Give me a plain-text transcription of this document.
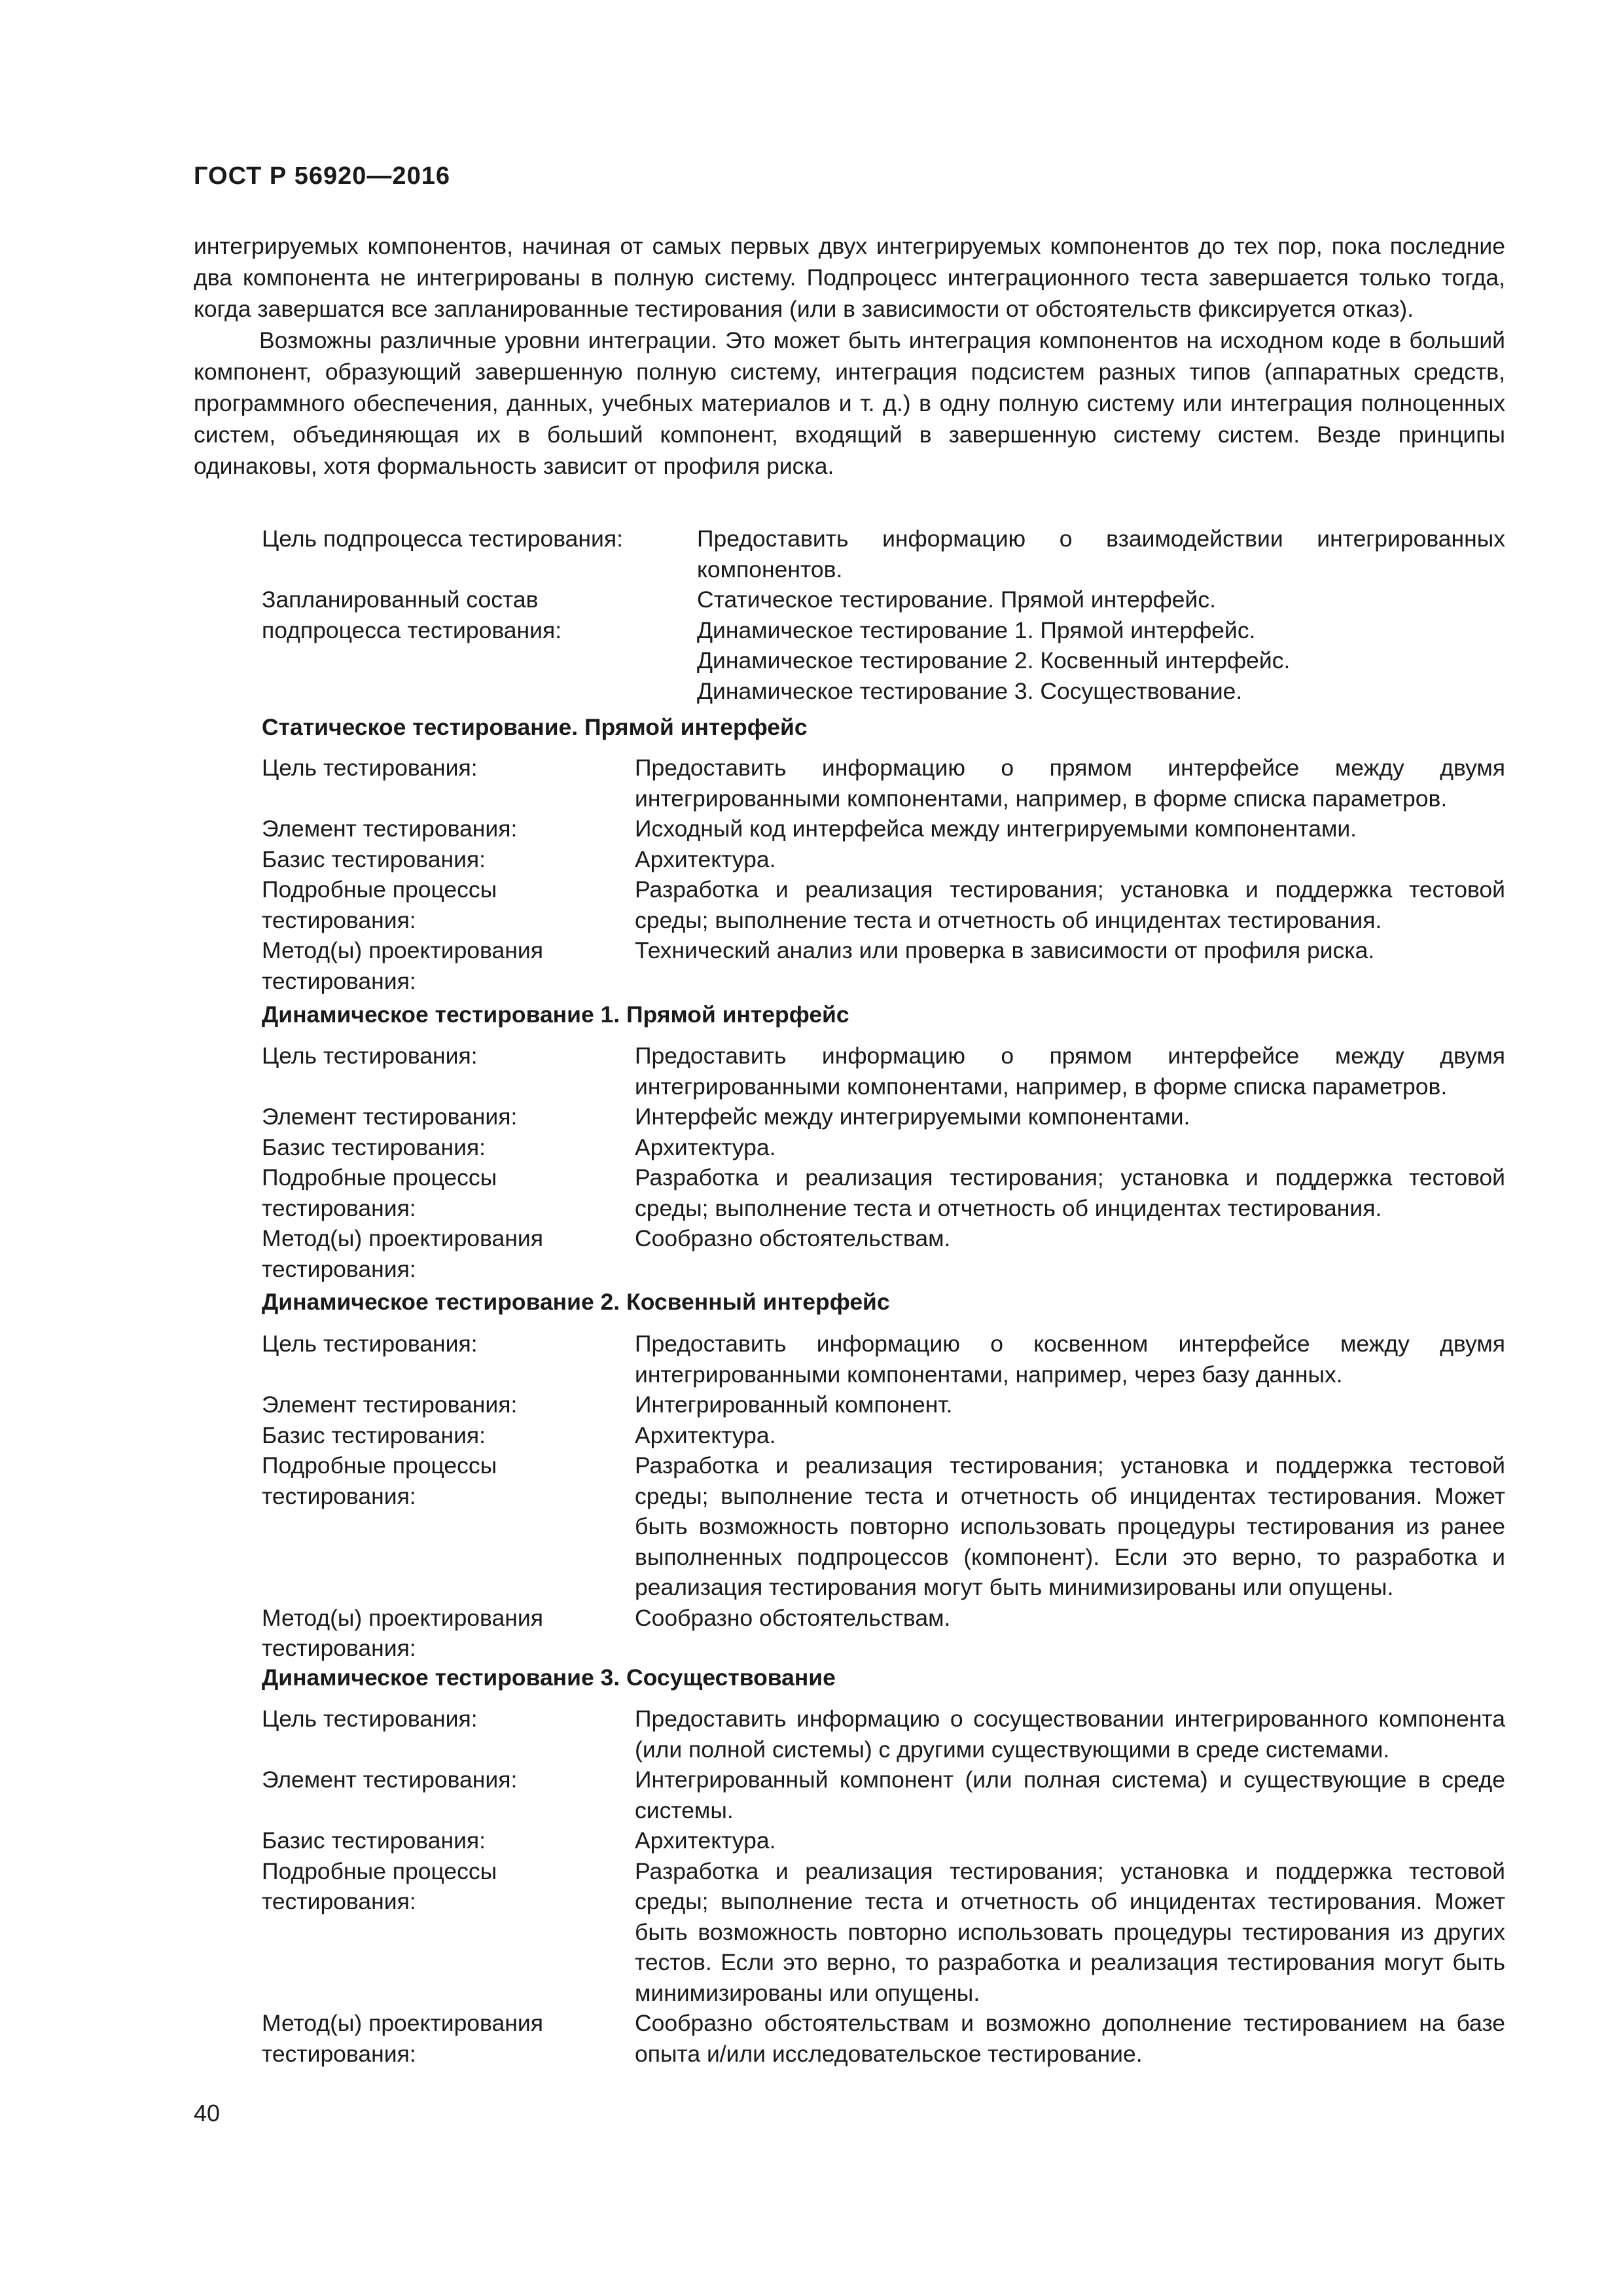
ГОСТ Р 56920—2016

интегрируемых компонентов, начиная от самых первых двух интегрируемых компонентов до тех пор, пока последние два компонента не интегрированы в полную систему. Подпроцесс интеграционного теста завершается только тогда, когда завершатся все запланированные тестирования (или в зависимости от обстоятельств фиксируется отказ).

Возможны различные уровни интеграции. Это может быть интеграция компонентов на исходном коде в больший компонент, образующий завершенную полную систему, интеграция подсистем разных типов (аппаратных средств, программного обеспечения, данных, учебных материалов и т. д.) в одну полную систему или интеграция полноценных систем, объединяющая их в больший компонент, входящий в завершенную систему систем. Везде принципы одинаковы, хотя формальность зависит от профиля риска.

Цель подпроцесса тестирования:	Предоставить информацию о взаимодействии интегрированных компонентов.
Запланированный состав подпроцесса тестирования:
Статическое тестирование. Прямой интерфейс.
Динамическое тестирование 1. Прямой интерфейс.
Динамическое тестирование 2. Косвенный интерфейс.
Динамическое тестирование 3. Сосуществование.
Статическое тестирование. Прямой интерфейс
Цель тестирования:	Предоставить информацию о прямом интерфейсе между двумя интегрированными компонентами, например, в форме списка параметров.
Элемент тестирования:	Исходный код интерфейса между интегрируемыми компонентами.
Базис тестирования:	Архитектура.
Подробные процессы тестирования:
Разработка и реализация тестирования; установка и поддержка тестовой среды; выполнение теста и отчетность об инцидентах тестирования.
Метод(ы) проектирования тестирования:
Технический анализ или проверка в зависимости от профиля риска.
Динамическое тестирование 1. Прямой интерфейс
Цель тестирования:	Предоставить информацию о прямом интерфейсе между двумя интегрированными компонентами, например, в форме списка параметров.
Элемент тестирования:	Интерфейс между интегрируемыми компонентами.
Базис тестирования:	Архитектура.
Подробные процессы тестирования:
Разработка и реализация тестирования; установка и поддержка тестовой среды; выполнение теста и отчетность об инцидентах тестирования.
Метод(ы) проектирования тестирования:
Сообразно обстоятельствам.
Динамическое тестирование 2. Косвенный интерфейс
Цель тестирования:	Предоставить информацию о косвенном интерфейсе между двумя интегрированными компонентами, например, через базу данных.
Элемент тестирования:	Интегрированный компонент.
Базис тестирования:	Архитектура.
Подробные процессы тестирования:
Разработка и реализация тестирования; установка и поддержка тестовой среды; выполнение теста и отчетность об инцидентах тестирования. Может быть возможность повторно использовать процедуры тестирования из ранее выполненных подпроцессов (компонент). Если это верно, то разработка и реализация тестирования могут быть минимизированы или опущены.
Метод(ы) проектирования тестирования:
Сообразно обстоятельствам.
Динамическое тестирование 3. Сосуществование
Цель тестирования:	Предоставить информацию о сосуществовании интегрированного компонента (или полной системы) с другими существующими в среде системами.
Элемент тестирования:	Интегрированный компонент (или полная система) и существующие в среде системы.
Базис тестирования:	Архитектура.
Подробные процессы тестирования:
Разработка и реализация тестирования; установка и поддержка тестовой среды; выполнение теста и отчетность об инцидентах тестирования. Может быть возможность повторно использовать процедуры тестирования из других тестов. Если это верно, то разработка и реализация тестирования могут быть минимизированы или опущены.
Метод(ы) проектирования тестирования:
Сообразно обстоятельствам и возможно дополнение тестированием на базе опыта и/или исследовательское тестирование.
40
